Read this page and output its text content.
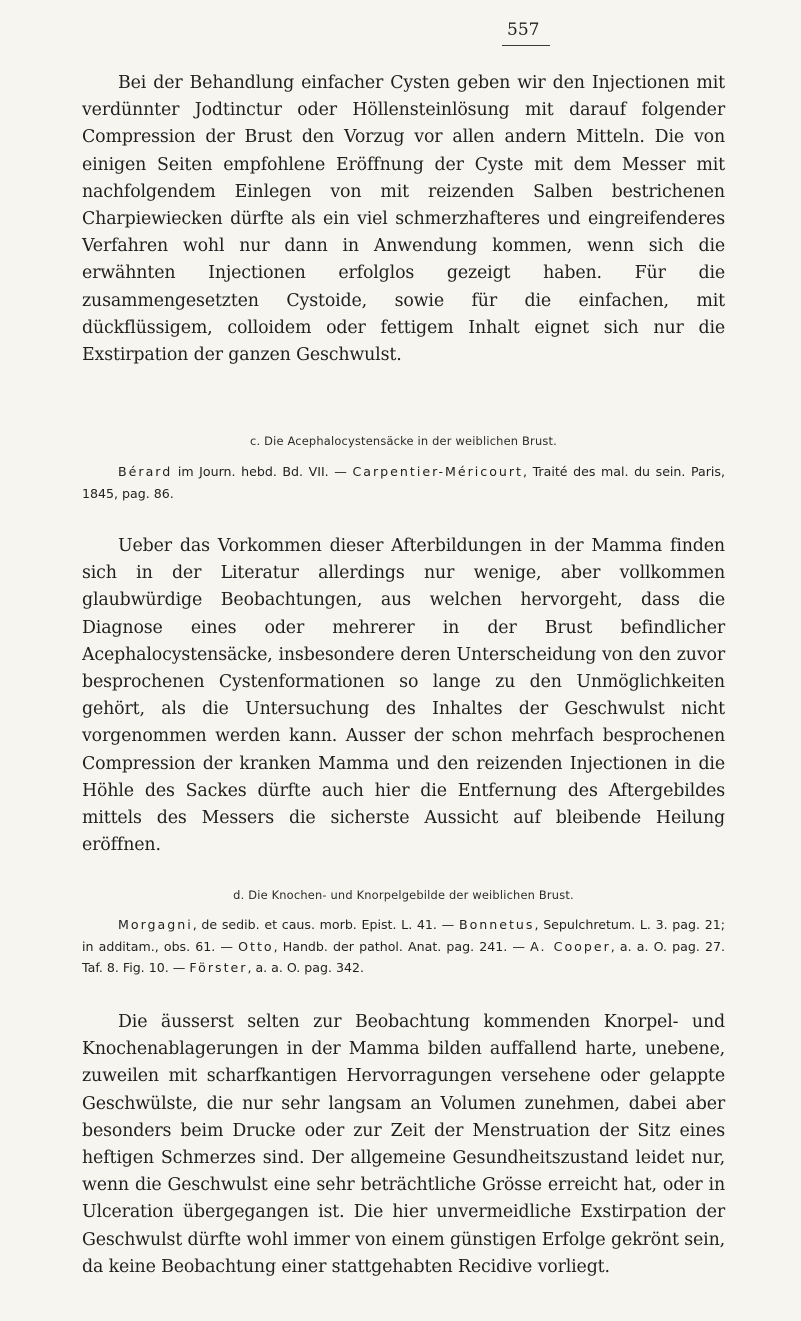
557

Bei der Behandlung einfacher Cysten geben wir den Injectionen mit verdünnter Jodtinctur oder Höllensteinlösung mit darauf folgender Compression der Brust den Vorzug vor allen andern Mitteln. Die von einigen Seiten empfohlene Eröffnung der Cyste mit dem Messer mit nachfolgendem Einlegen von mit reizenden Salben bestrichenen Charpiewiecken dürfte als ein viel schmerzhafteres und eingreifenderes Verfahren wohl nur dann in Anwendung kommen, wenn sich die erwähnten Injectionen erfolglos gezeigt haben. Für die zusammengesetzten Cystoide, sowie für die einfachen, mit dückflüssigem, colloidem oder fettigem Inhalt eignet sich nur die Exstirpation der ganzen Geschwulst.

c. Die Acephalocystensäcke in der weiblichen Brust.

Bérard im Journ. hebd. Bd. VII. — Carpentier-Méricourt, Traité des mal. du sein. Paris, 1845, pag. 86.

Ueber das Vorkommen dieser Afterbildungen in der Mamma finden sich in der Literatur allerdings nur wenige, aber vollkommen glaubwürdige Beobachtungen, aus welchen hervorgeht, dass die Diagnose eines oder mehrerer in der Brust befindlicher Acephalocystensäcke, insbesondere deren Unterscheidung von den zuvor besprochenen Cystenformationen so lange zu den Unmöglichkeiten gehört, als die Untersuchung des Inhaltes der Geschwulst nicht vorgenommen werden kann. Ausser der schon mehrfach besprochenen Compression der kranken Mamma und den reizenden Injectionen in die Höhle des Sackes dürfte auch hier die Entfernung des Aftergebildes mittels des Messers die sicherste Aussicht auf bleibende Heilung eröffnen.

d. Die Knochen- und Knorpelgebilde der weiblichen Brust.

Morgagni, de sedib. et caus. morb. Epist. L. 41. — Bonnetus, Sepulchretum. L. 3. pag. 21; in additam., obs. 61. — Otto, Handb. der pathol. Anat. pag. 241. — A. Cooper, a. a. O. pag. 27. Taf. 8. Fig. 10. — Förster, a. a. O. pag. 342.

Die äusserst selten zur Beobachtung kommenden Knorpel- und Knochenablagerungen in der Mamma bilden auffallend harte, unebene, zuweilen mit scharfkantigen Hervorragungen versehene oder gelappte Geschwülste, die nur sehr langsam an Volumen zunehmen, dabei aber besonders beim Drucke oder zur Zeit der Menstruation der Sitz eines heftigen Schmerzes sind. Der allgemeine Gesundheitszustand leidet nur, wenn die Geschwulst eine sehr beträchtliche Grösse erreicht hat, oder in Ulceration übergegangen ist. Die hier unvermeidliche Exstirpation der Geschwulst dürfte wohl immer von einem günstigen Erfolge gekrönt sein, da keine Beobachtung einer stattgehabten Recidive vorliegt.
